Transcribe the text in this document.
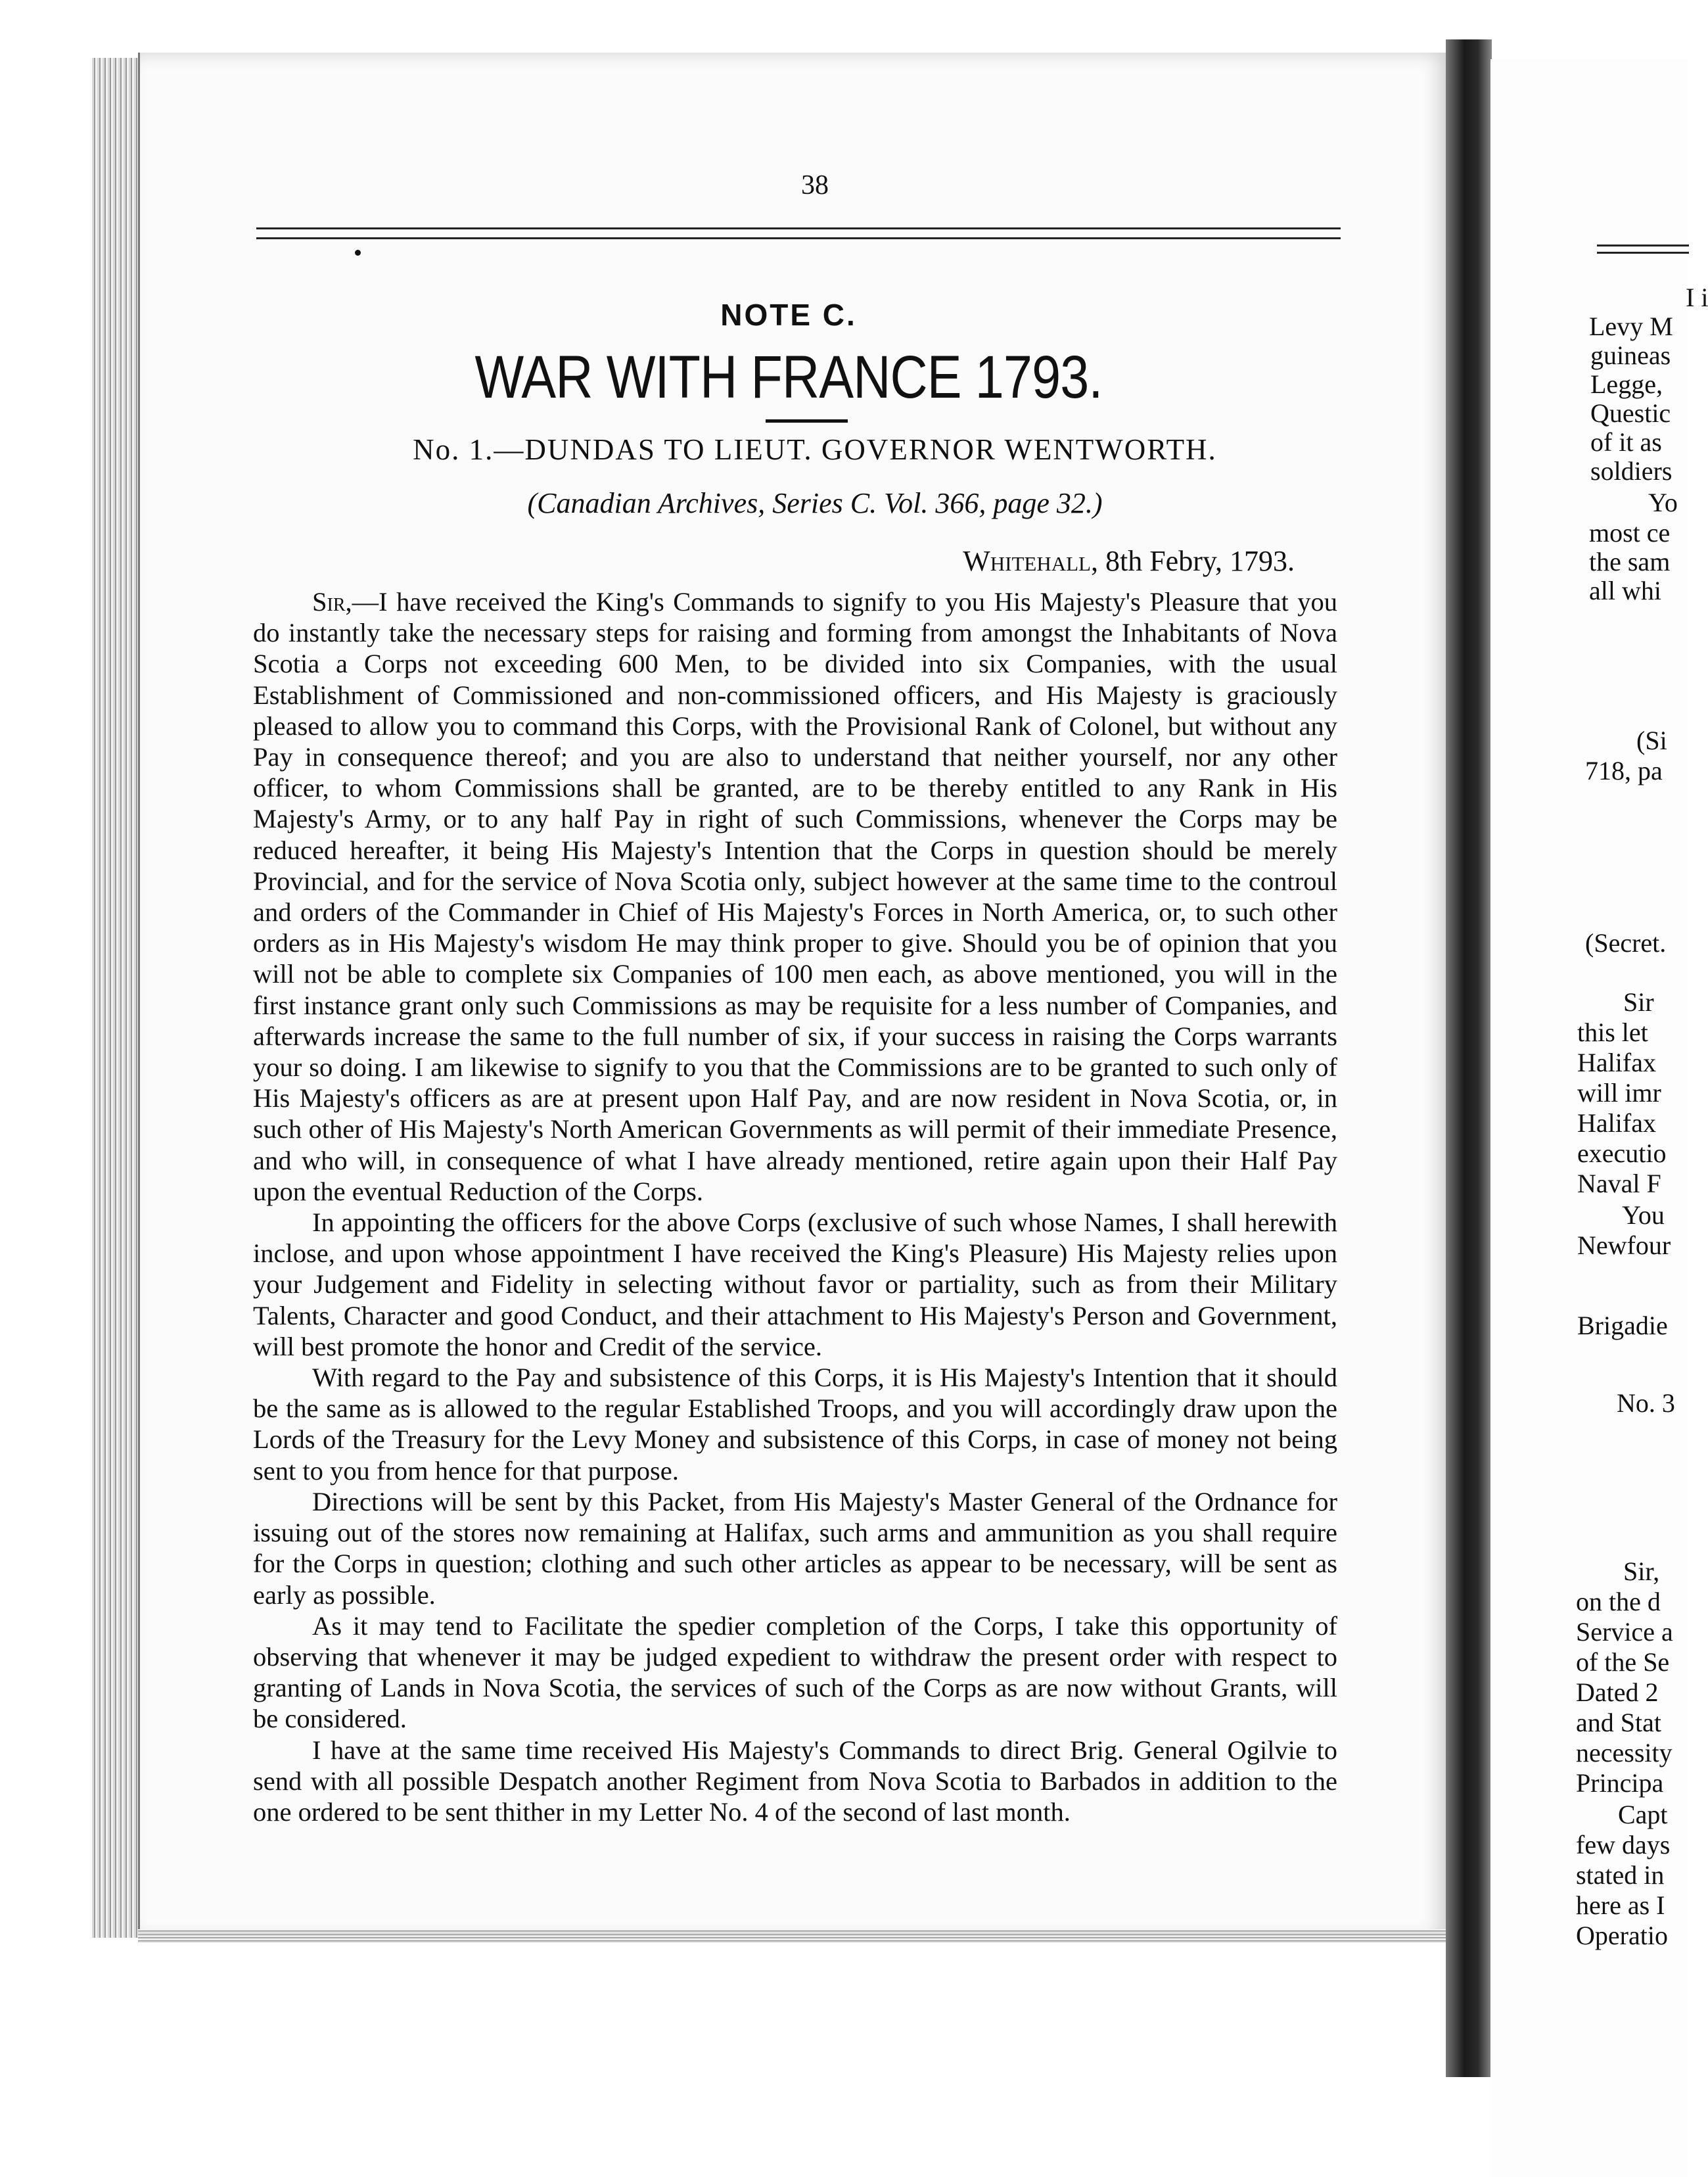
38
NOTE C.
WAR WITH FRANCE 1793.
No. 1.—DUNDAS TO LIEUT. GOVERNOR WENTWORTH.
(Canadian Archives, Series C. Vol. 366, page 32.)
Whitehall, 8th Febry, 1793.

Sir,—I have received the King's Commands to signify to you His Majesty's Pleasure that you do instantly take the necessary steps for raising and forming from amongst the Inhabitants of Nova Scotia a Corps not exceeding 600 Men, to be divided into six Companies, with the usual Establishment of Commissioned and non-commissioned officers, and His Majesty is graciously pleased to allow you to command this Corps, with the Provisional Rank of Colonel, but without any Pay in consequence thereof; and you are also to understand that neither yourself, nor any other officer, to whom Commissions shall be granted, are to be thereby entitled to any Rank in His Majesty's Army, or to any half Pay in right of such Commissions, whenever the Corps may be reduced hereafter, it being His Majesty's Intention that the Corps in question should be merely Provincial, and for the service of Nova Scotia only, subject however at the same time to the controul and orders of the Commander in Chief of His Majesty's Forces in North America, or, to such other orders as in His Majesty's wisdom He may think proper to give. Should you be of opinion that you will not be able to complete six Companies of 100 men each, as above mentioned, you will in the first instance grant only such Commissions as may be requisite for a less number of Companies, and afterwards increase the same to the full number of six, if your success in raising the Corps warrants your so doing. I am likewise to signify to you that the Commissions are to be granted to such only of His Majesty's officers as are at present upon Half Pay, and are now resident in Nova Scotia, or, in such other of His Majesty's North American Governments as will permit of their immediate Presence, and who will, in consequence of what I have already mentioned, retire again upon their Half Pay upon the eventual Reduction of the Corps.

In appointing the officers for the above Corps (exclusive of such whose Names, I shall herewith inclose, and upon whose appointment I have received the King's Pleasure) His Majesty relies upon your Judgement and Fidelity in selecting without favor or partiality, such as from their Military Talents, Character and good Conduct, and their attachment to His Majesty's Person and Government, will best promote the honor and Credit of the service.

With regard to the Pay and subsistence of this Corps, it is His Majesty's Intention that it should be the same as is allowed to the regular Established Troops, and you will accordingly draw upon the Lords of the Treasury for the Levy Money and subsistence of this Corps, in case of money not being sent to you from hence for that purpose.

Directions will be sent by this Packet, from His Majesty's Master General of the Ordnance for issuing out of the stores now remaining at Halifax, such arms and ammunition as you shall require for the Corps in question; clothing and such other articles as appear to be necessary, will be sent as early as possible.

As it may tend to Facilitate the spedier completion of the Corps, I take this opportunity of observing that whenever it may be judged expedient to withdraw the present order with respect to granting of Lands in Nova Scotia, the services of such of the Corps as are now without Grants, will be considered.

I have at the same time received His Majesty's Commands to direct Brig. General Ogilvie to send with all possible Despatch another Regiment from Nova Scotia to Barbados in addition to the one ordered to be sent thither in my Letter No. 4 of the second of last month.

I i
Levy M
guineas
Legge,
Questic
of it as
soldiers
Yo
most ce
the sam
all whi
(Si
718, pa
(Secret.
Sir
this let
Halifax
will imr
Halifax
executio
Naval F
You
Newfour
Brigadie
No. 3
Sir,
on the d
Service a
of the Se
Dated 2
and Stat
necessity
Principa
Capt
few days
stated in
here as I
Operatio
